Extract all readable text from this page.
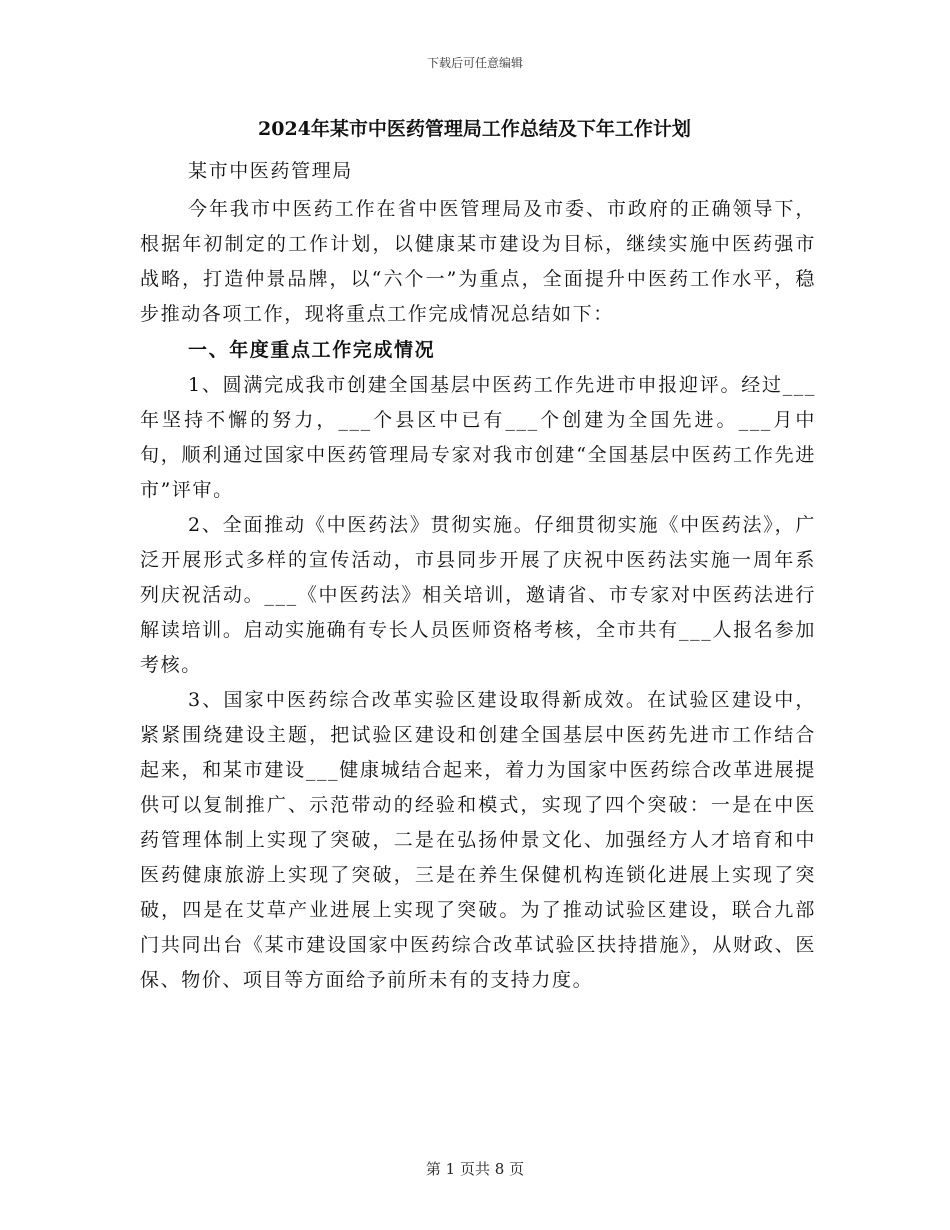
下载后可任意编辑
2024年某市中医药管理局工作总结及下年工作计划

某市中医药管理局

今年我市中医药工作在省中医管理局及市委、市政府的正确领导下，根据年初制定的工作计划，以健康某市建设为目标，继续实施中医药强市战略，打造仲景品牌，以“六个一”为重点，全面提升中医药工作水平，稳步推动各项工作，现将重点工作完成情况总结如下：

一、年度重点工作完成情况

1、圆满完成我市创建全国基层中医药工作先进市申报迎评。经过___年坚持不懈的努力，___个县区中已有___个创建为全国先进。___月中旬，顺利通过国家中医药管理局专家对我市创建“全国基层中医药工作先进市”评审。

2、全面推动《中医药法》贯彻实施。仔细贯彻实施《中医药法》，广泛开展形式多样的宣传活动，市县同步开展了庆祝中医药法实施一周年系列庆祝活动。___《中医药法》相关培训，邀请省、市专家对中医药法进行解读培训。启动实施确有专长人员医师资格考核，全市共有___人报名参加考核。

3、国家中医药综合改革实验区建设取得新成效。在试验区建设中，紧紧围绕建设主题，把试验区建设和创建全国基层中医药先进市工作结合起来，和某市建设___健康城结合起来，着力为国家中医药综合改革进展提供可以复制推广、示范带动的经验和模式，实现了四个突破：一是在中医药管理体制上实现了突破，二是在弘扬仲景文化、加强经方人才培育和中医药健康旅游上实现了突破，三是在养生保健机构连锁化进展上实现了突破，四是在艾草产业进展上实现了突破。为了推动试验区建设，联合九部门共同出台《某市建设国家中医药综合改革试验区扶持措施》，从财政、医保、物价、项目等方面给予前所未有的支持力度。

第 1 页共 8 页
